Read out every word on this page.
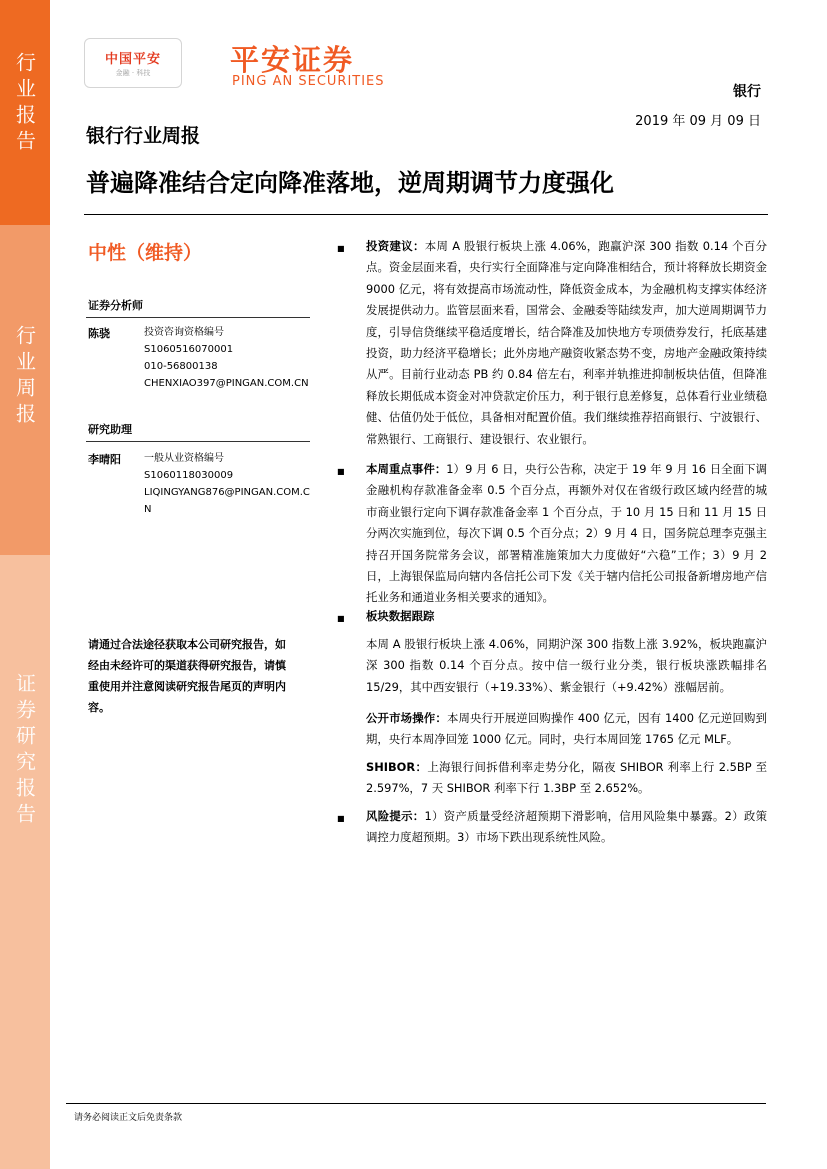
行业报告
行业周报
证券研究报告
中国平安
金融 · 科技	平安证券
PING AN SECURITIES
银行
2019 年 09 月 09 日
银行行业周报
普遍降准结合定向降准落地，逆周期调节力度强化
中性（维持）
证券分析师
陈骁	投资咨询资格编号
S1060516070001
010-56800138
CHENXIAO397@PINGAN.COM.CN
研究助理
李晴阳 一般从业资格编号
S1060118030009
LIQINGYANG876@PINGAN.COM.CN
请通过合法途径获取本公司研究报告，如经由未经许可的渠道获得研究报告，请慎重使用并注意阅读研究报告尾页的声明内容。
■ 投资建议：本周 A 股银行板块上涨 4.06%，跑赢沪深 300 指数 0.14 个百分点。资金层面来看，央行实行全面降准与定向降准相结合，预计将释放长期资金 9000 亿元，将有效提高市场流动性，降低资金成本，为金融机构支撑实体经济发展提供动力。监管层面来看，国常会、金融委等陆续发声，加大逆周期调节力度，引导信贷继续平稳适度增长，结合降准及加快地方专项债券发行，托底基建投资，助力经济平稳增长；此外房地产融资收紧态势不变，房地产金融政策持续从严。目前行业动态 PB 约 0.84 倍左右，利率并轨推进抑制板块估值，但降准释放长期低成本资金对冲贷款定价压力，利于银行息差修复，总体看行业业绩稳健、估值仍处于低位，具备相对配置价值。我们继续推荐招商银行、宁波银行、常熟银行、工商银行、建设银行、农业银行。
■ 本周重点事件：1）9 月 6 日，央行公告称，决定于 19 年 9 月 16 日全面下调金融机构存款准备金率 0.5 个百分点，再额外对仅在省级行政区域内经营的城市商业银行定向下调存款准备金率 1 个百分点，于 10 月 15 日和 11 月 15 日分两次实施到位，每次下调 0.5 个百分点；2）9 月 4 日，国务院总理李克强主持召开国务院常务会议，部署精准施策加大力度做好“六稳”工作；3）9 月 2 日，上海银保监局向辖内各信托公司下发《关于辖内信托公司报备新增房地产信托业务和通道业务相关要求的通知》。
■ 板块数据跟踪
本周 A 股银行板块上涨 4.06%，同期沪深 300 指数上涨 3.92%，板块跑赢沪深 300 指数 0.14 个百分点。按中信一级行业分类，银行板块涨跌幅排名 15/29，其中西安银行（+19.33%）、紫金银行（+9.42%）涨幅居前。
公开市场操作：本周央行开展逆回购操作 400 亿元，因有 1400 亿元逆回购到期，央行本周净回笼 1000 亿元。同时，央行本周回笼 1765 亿元 MLF。
SHIBOR：上海银行间拆借利率走势分化，隔夜 SHIBOR 利率上行 2.5BP 至 2.597%，7 天 SHIBOR 利率下行 1.3BP 至 2.652%。
■ 风险提示：1）资产质量受经济超预期下滑影响，信用风险集中暴露。2）政策调控力度超预期。3）市场下跌出现系统性风险。
请务必阅读正文后免责条款
